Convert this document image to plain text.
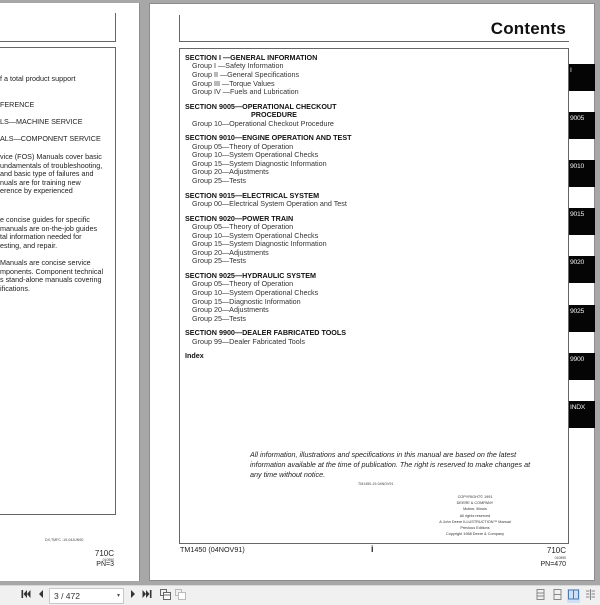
f a total product support
FERENCE
LS—MACHINE SERVICE
ALS—COMPONENT SERVICE
vice (FOS) Manuals cover basic
undamentals of troubleshooting,
and basic type of failures and
nuals are for training new
erence by experienced
e concise guides for specific
manuals are on-the-job guides
tal information needed for
esting, and repair.
Manuals are concise service
mponents. Component technical
s stand-alone manuals covering
ifications.
DX,TMFC -19-04JUN90
710C
010590
PN=3
Contents
SECTION I —GENERAL INFORMATION
Group I —Safety Information
Group II —General Specifications
Group III —Torque Values
Group IV —Fuels and Lubrication
SECTION 9005—OPERATIONAL CHECKOUT
PROCEDURE
Group 10—Operational Checkout Procedure
SECTION 9010—ENGINE OPERATION AND TEST
Group 05—Theory of Operation
Group 10—System Operational Checks
Group 15—System Diagnostic Information
Group 20—Adjustments
Group 25—Tests
SECTION 9015—ELECTRICAL SYSTEM
Group 00—Electrical System Operation and Test
SECTION 9020—POWER TRAIN
Group 05—Theory of Operation
Group 10—System Operational Checks
Group 15—System Diagnostic Information
Group 20—Adjustments
Group 25—Tests
SECTION 9025—HYDRAULIC SYSTEM
Group 05—Theory of Operation
Group 10—System Operational Checks
Group 15—Diagnostic Information
Group 20—Adjustments
Group 25—Tests
SECTION 9900—DEALER FABRICATED TOOLS
Group 99—Dealer Fabricated Tools
Index
All information, illustrations and specifications in this manual are based on the latest information available at the time of publication. The right is reserved to make changes at any time without notice.
TM1450-19-04NOV91
COPYRIGHT© 1991
DEERE & COMPANY
Moline, Illinois
All rights reserved
A John Deere ILLUSTRUCTION™ Manual
Previous Editions
Copyright 1988 Deere & Company
TM1450 (04NOV91)	i	710C
010590
PN=470
I
9005
9010
9015
9020
9025
9900
INDX
3 / 472	▾
